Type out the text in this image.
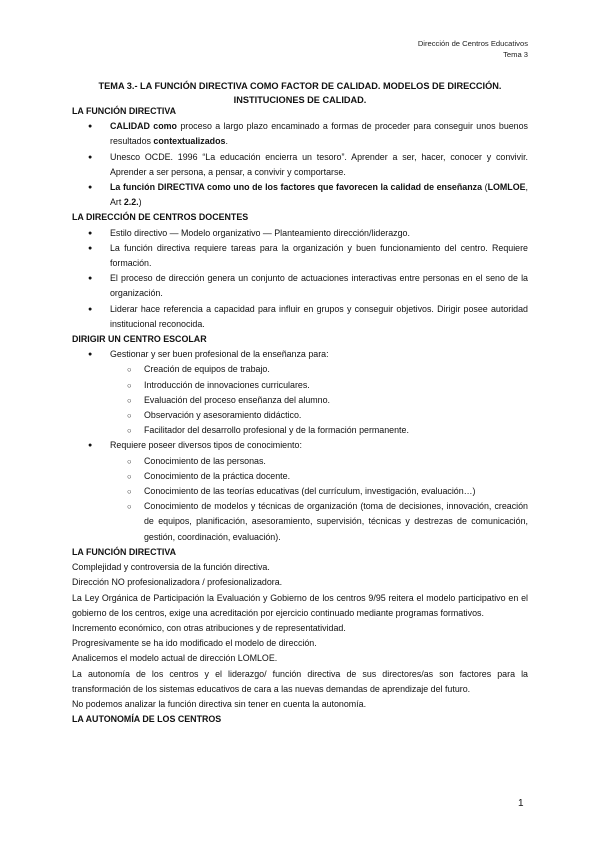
Dirección de Centros Educativos
Tema 3
TEMA 3.- LA FUNCIÓN DIRECTIVA COMO FACTOR DE CALIDAD. MODELOS DE DIRECCIÓN.
INSTITUCIONES DE CALIDAD.
LA FUNCIÓN DIRECTIVA
● CALIDAD como proceso a largo plazo encaminado a formas de proceder para conseguir unos buenos resultados contextualizados.
● Unesco OCDE. 1996 “La educación encierra un tesoro”. Aprender a ser, hacer, conocer y convivir. Aprender a ser persona, a pensar, a convivir y comportarse.
● La función DIRECTIVA como uno de los factores que favorecen la calidad de enseñanza (LOMLOE, Art 2.2.)
LA DIRECCIÓN DE CENTROS DOCENTES
● Estilo directivo — Modelo organizativo — Planteamiento dirección/liderazgo.
● La función directiva requiere tareas para la organización y buen funcionamiento del centro. Requiere formación.
● El proceso de dirección genera un conjunto de actuaciones interactivas entre personas en el seno de la organización.
● Liderar hace referencia a capacidad para influir en grupos y conseguir objetivos. Dirigir posee autoridad institucional reconocida.
DIRIGIR UN CENTRO ESCOLAR
● Gestionar y ser buen profesional de la enseñanza para:
○ Creación de equipos de trabajo.
○ Introducción de innovaciones curriculares.
○ Evaluación del proceso enseñanza del alumno.
○ Observación y asesoramiento didáctico.
○ Facilitador del desarrollo profesional y de la formación permanente.
● Requiere poseer diversos tipos de conocimiento:
○ Conocimiento de las personas.
○ Conocimiento de la práctica docente.
○ Conocimiento de las teorías educativas (del currículum, investigación, evaluación…)
○ Conocimiento de modelos y técnicas de organización (toma de decisiones, innovación, creación de equipos, planificación, asesoramiento, supervisión, técnicas y destrezas de comunicación, gestión, coordinación, evaluación).
LA FUNCIÓN DIRECTIVA

Complejidad y controversia de la función directiva.

Dirección NO profesionalizadora / profesionalizadora.

La Ley Orgánica de Participación la Evaluación y Gobierno de los centros 9/95 reitera el modelo participativo en el gobierno de los centros, exige una acreditación por ejercicio continuado mediante programas formativos.

Incremento económico, con otras atribuciones y de representatividad.

Progresivamente se ha ido modificado el modelo de dirección.

Analicemos el modelo actual de dirección LOMLOE.

La autonomía de los centros y el liderazgo/ función directiva de sus directores/as son factores para la transformación de los sistemas educativos de cara a las nuevas demandas de aprendizaje del futuro.

No podemos analizar la función directiva sin tener en cuenta la autonomía.

LA AUTONOMÍA DE LOS CENTROS
1
